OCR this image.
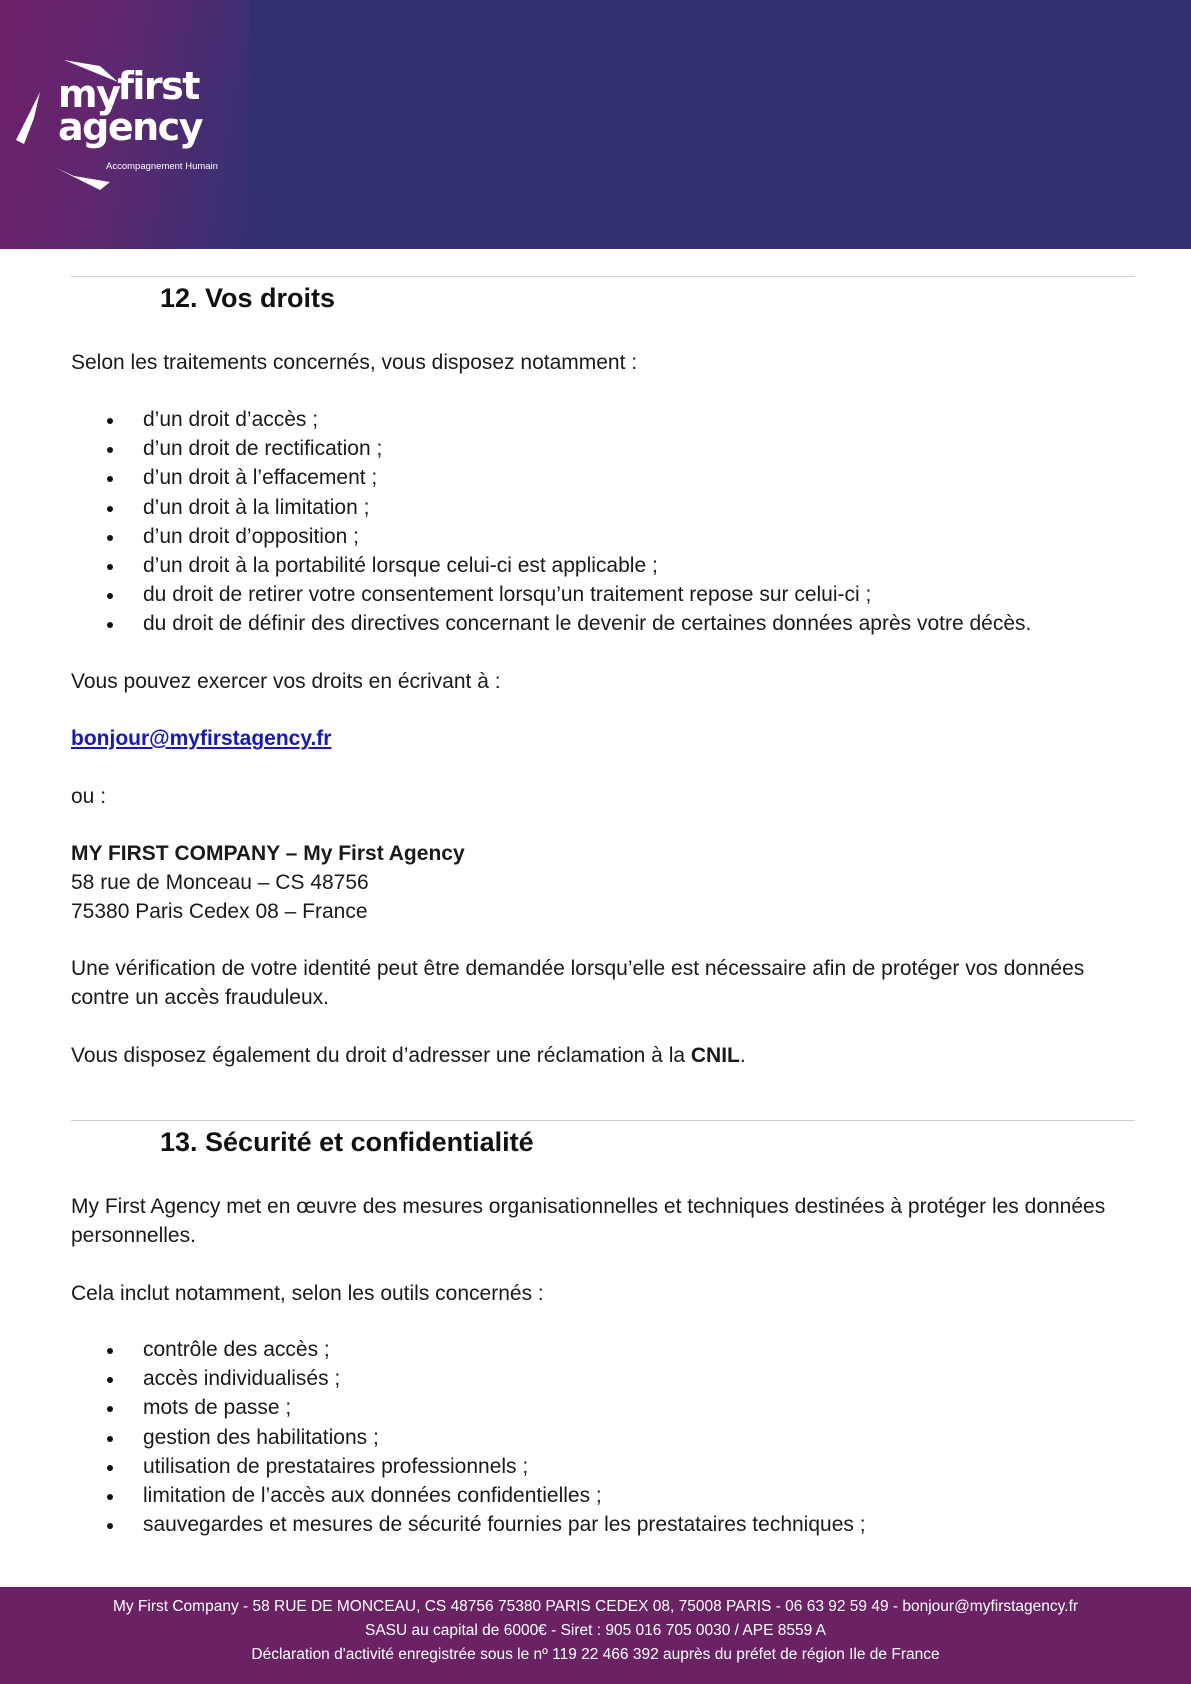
myfirst
agency
Accompagnement Humain
12. Vos droits
Selon les traitements concernés, vous disposez notamment :
d’un droit d’accès ;
d’un droit de rectification ;
d’un droit à l’effacement ;
d’un droit à la limitation ;
d’un droit d’opposition ;
d’un droit à la portabilité lorsque celui-ci est applicable ;
du droit de retirer votre consentement lorsqu’un traitement repose sur celui-ci ;
du droit de définir des directives concernant le devenir de certaines données après votre décès.
Vous pouvez exercer vos droits en écrivant à :
bonjour@myfirstagency.fr
ou :
MY FIRST COMPANY – My First Agency
58 rue de Monceau – CS 48756
75380 Paris Cedex 08 – France
Une vérification de votre identité peut être demandée lorsqu’elle est nécessaire afin de protéger vos données contre un accès frauduleux.
Vous disposez également du droit d’adresser une réclamation à la CNIL.
13. Sécurité et confidentialité
My First Agency met en œuvre des mesures organisationnelles et techniques destinées à protéger les données personnelles.
Cela inclut notamment, selon les outils concernés :
contrôle des accès ;
accès individualisés ;
mots de passe ;
gestion des habilitations ;
utilisation de prestataires professionnels ;
limitation de l’accès aux données confidentielles ;
sauvegardes et mesures de sécurité fournies par les prestataires techniques ;
My First Company - 58 RUE DE MONCEAU, CS 48756 75380 PARIS CEDEX 08, 75008 PARIS - 06 63 92 59 49 - bonjour@myfirstagency.fr
SASU au capital de 6000€ - Siret : 905 016 705 0030 / APE 8559 A
Déclaration d'activité enregistrée sous le nº 119 22 466 392 auprès du préfet de région Ile de France
